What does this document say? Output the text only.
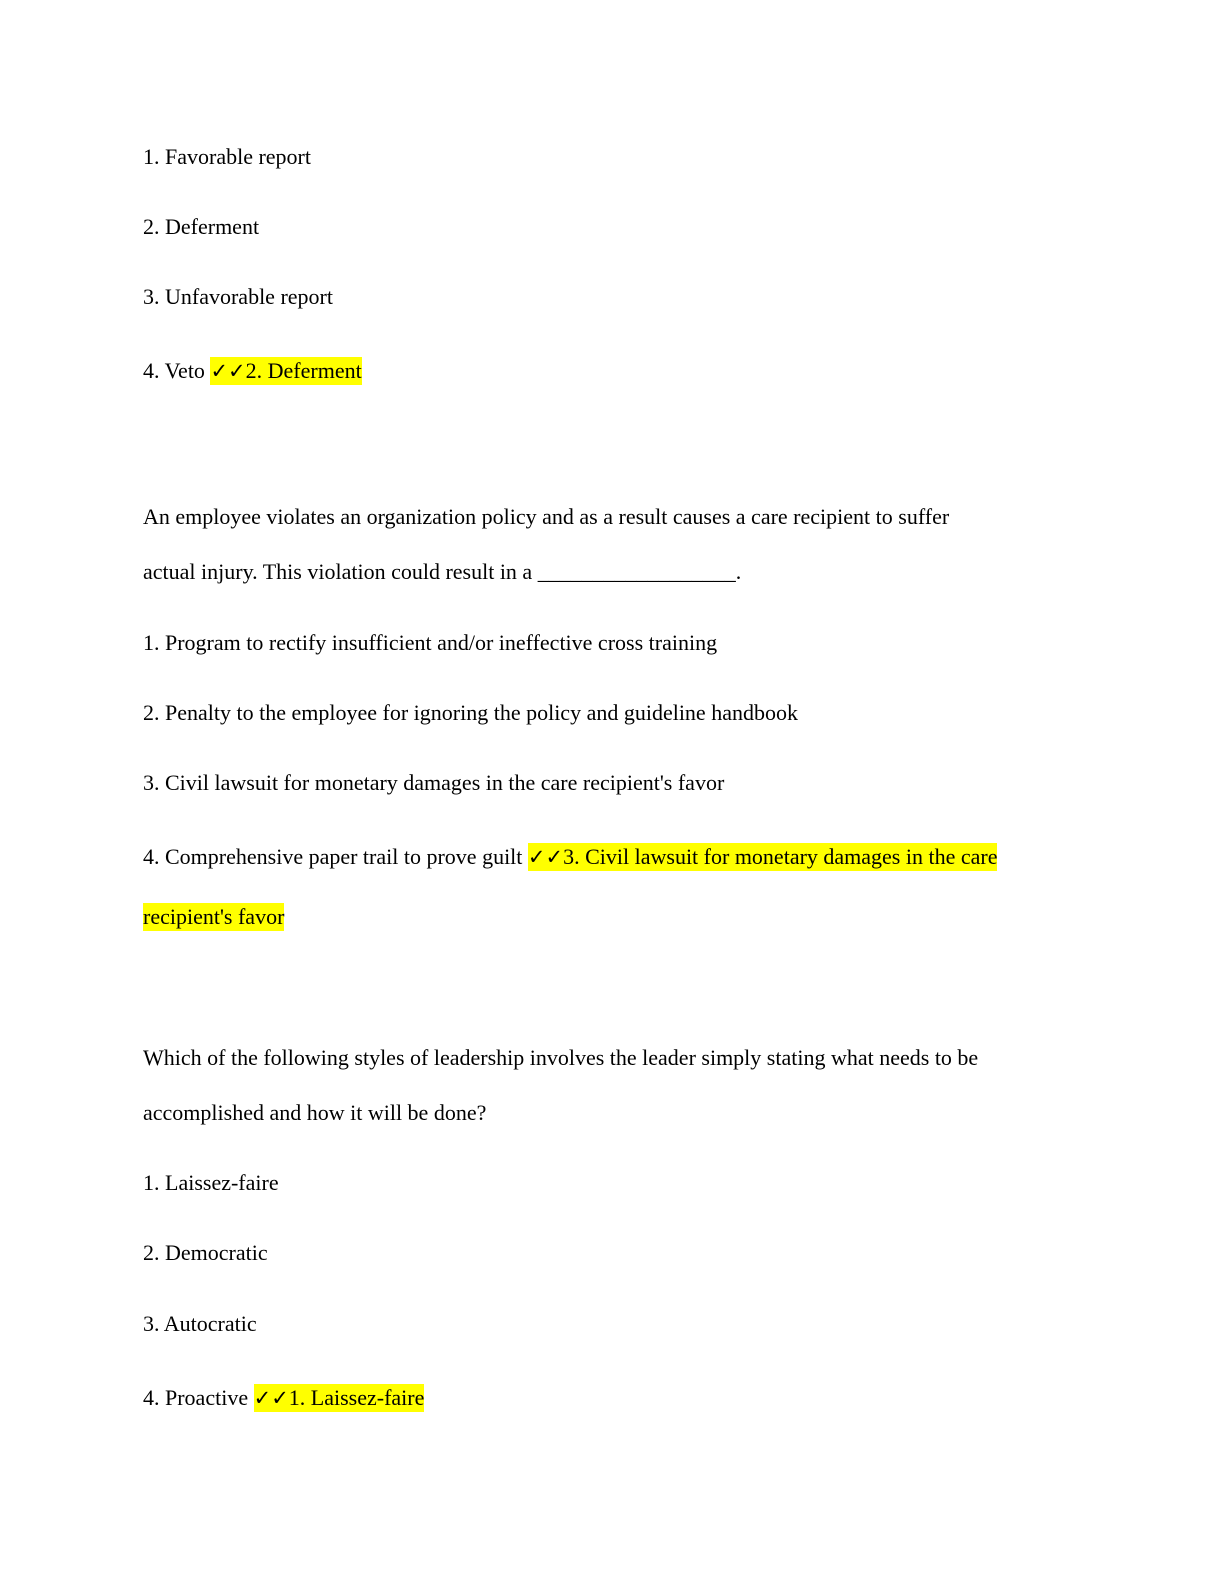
1. Favorable report
2. Deferment
3. Unfavorable report
4. Veto ✓✓2. Deferment
An employee violates an organization policy and as a result causes a care recipient to suffer
actual injury. This violation could result in a __________________.
1. Program to rectify insufficient and/or ineffective cross training
2. Penalty to the employee for ignoring the policy and guideline handbook
3. Civil lawsuit for monetary damages in the care recipient's favor
4. Comprehensive paper trail to prove guilt ✓✓3. Civil lawsuit for monetary damages in the care
recipient's favor
Which of the following styles of leadership involves the leader simply stating what needs to be
accomplished and how it will be done?
1. Laissez-faire
2. Democratic
3. Autocratic
4. Proactive ✓✓1. Laissez-faire
